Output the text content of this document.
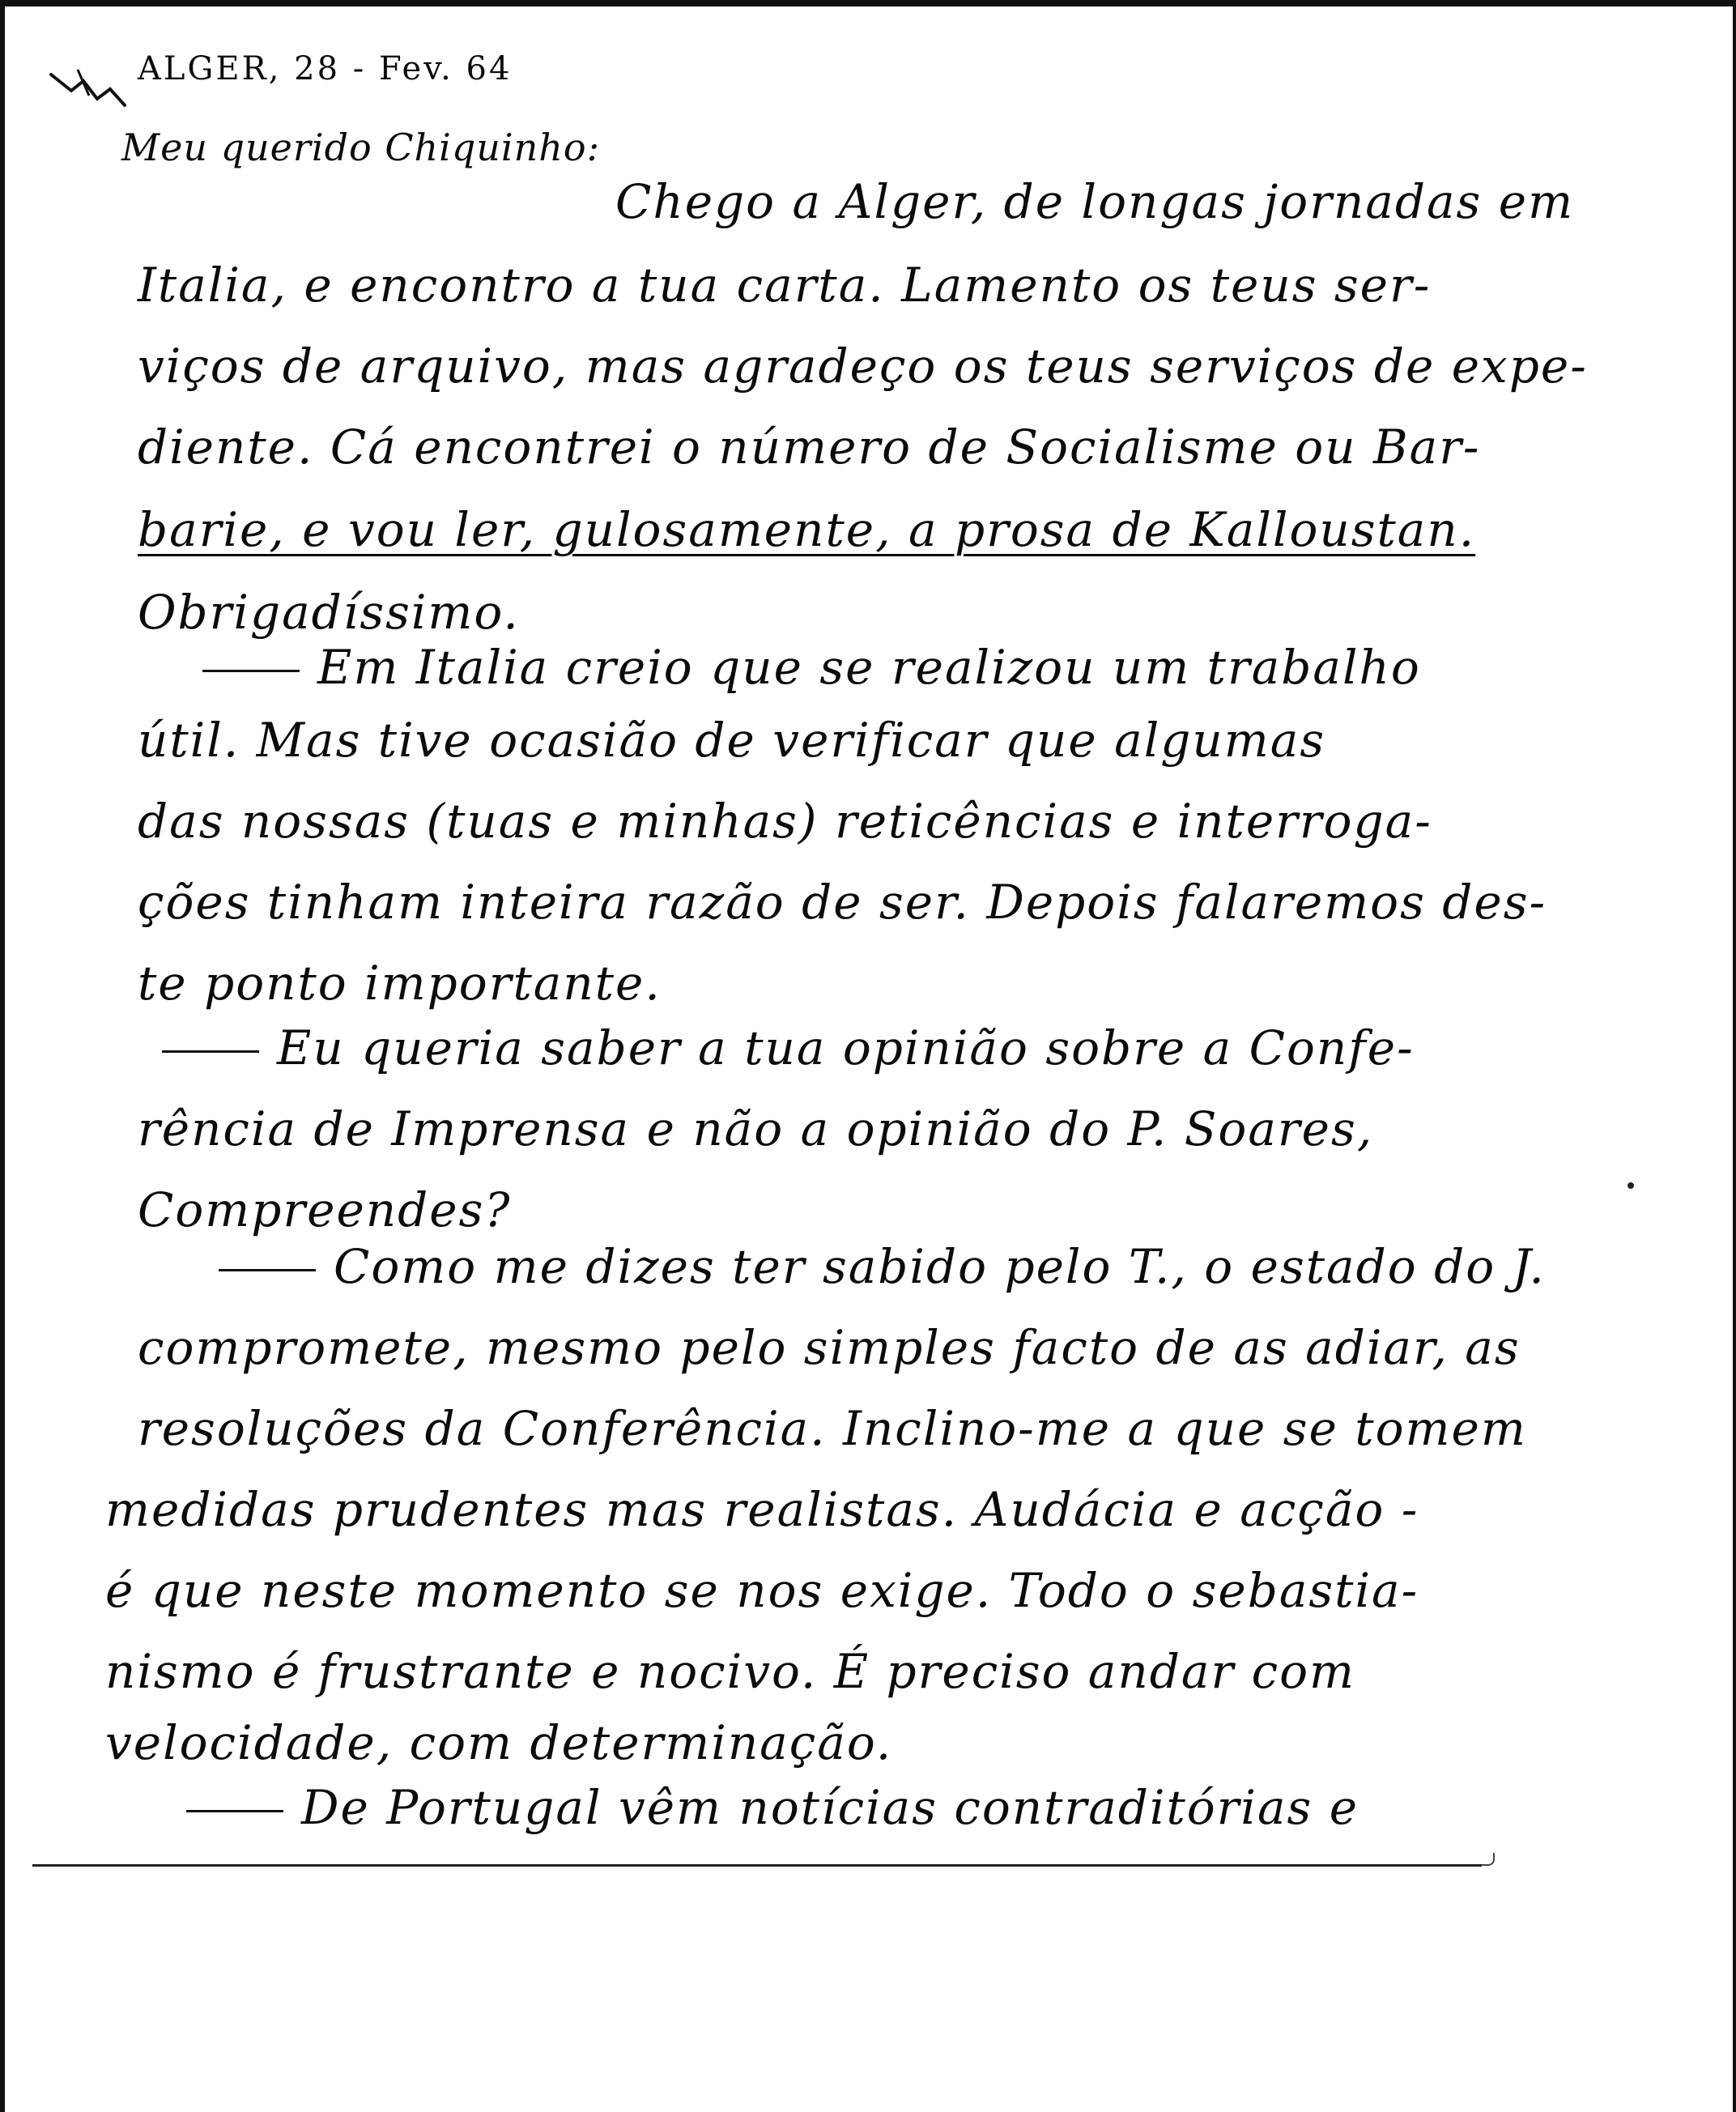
ALGER, 28 - Fev. 64
Meu querido Chiquinho:
Chego a Alger, de longas jornadas em
Italia, e encontro a tua carta. Lamento os teus ser-
viços de arquivo, mas agradeço os teus serviços de expe-
diente. Cá encontrei o número de Socialisme ou Bar-
barie, e vou ler, gulosamente, a prosa de Kalloustan.
Obrigadíssimo.
Em Italia creio que se realizou um trabalho
útil. Mas tive ocasião de verificar que algumas
das nossas (tuas e minhas) reticências e interroga-
ções tinham inteira razão de ser. Depois falaremos des-
te ponto importante.
Eu queria saber a tua opinião sobre a Confe-
rência de Imprensa e não a opinião do P. Soares,
Compreendes?
Como me dizes ter sabido pelo T., o estado do J.
compromete, mesmo pelo simples facto de as adiar, as
resoluções da Conferência. Inclino-me a que se tomem
medidas prudentes mas realistas. Audácia e acção -
é que neste momento se nos exige. Todo o sebastia-
nismo é frustrante e nocivo. É preciso andar com
velocidade, com determinação.
De Portugal vêm notícias contraditórias e
